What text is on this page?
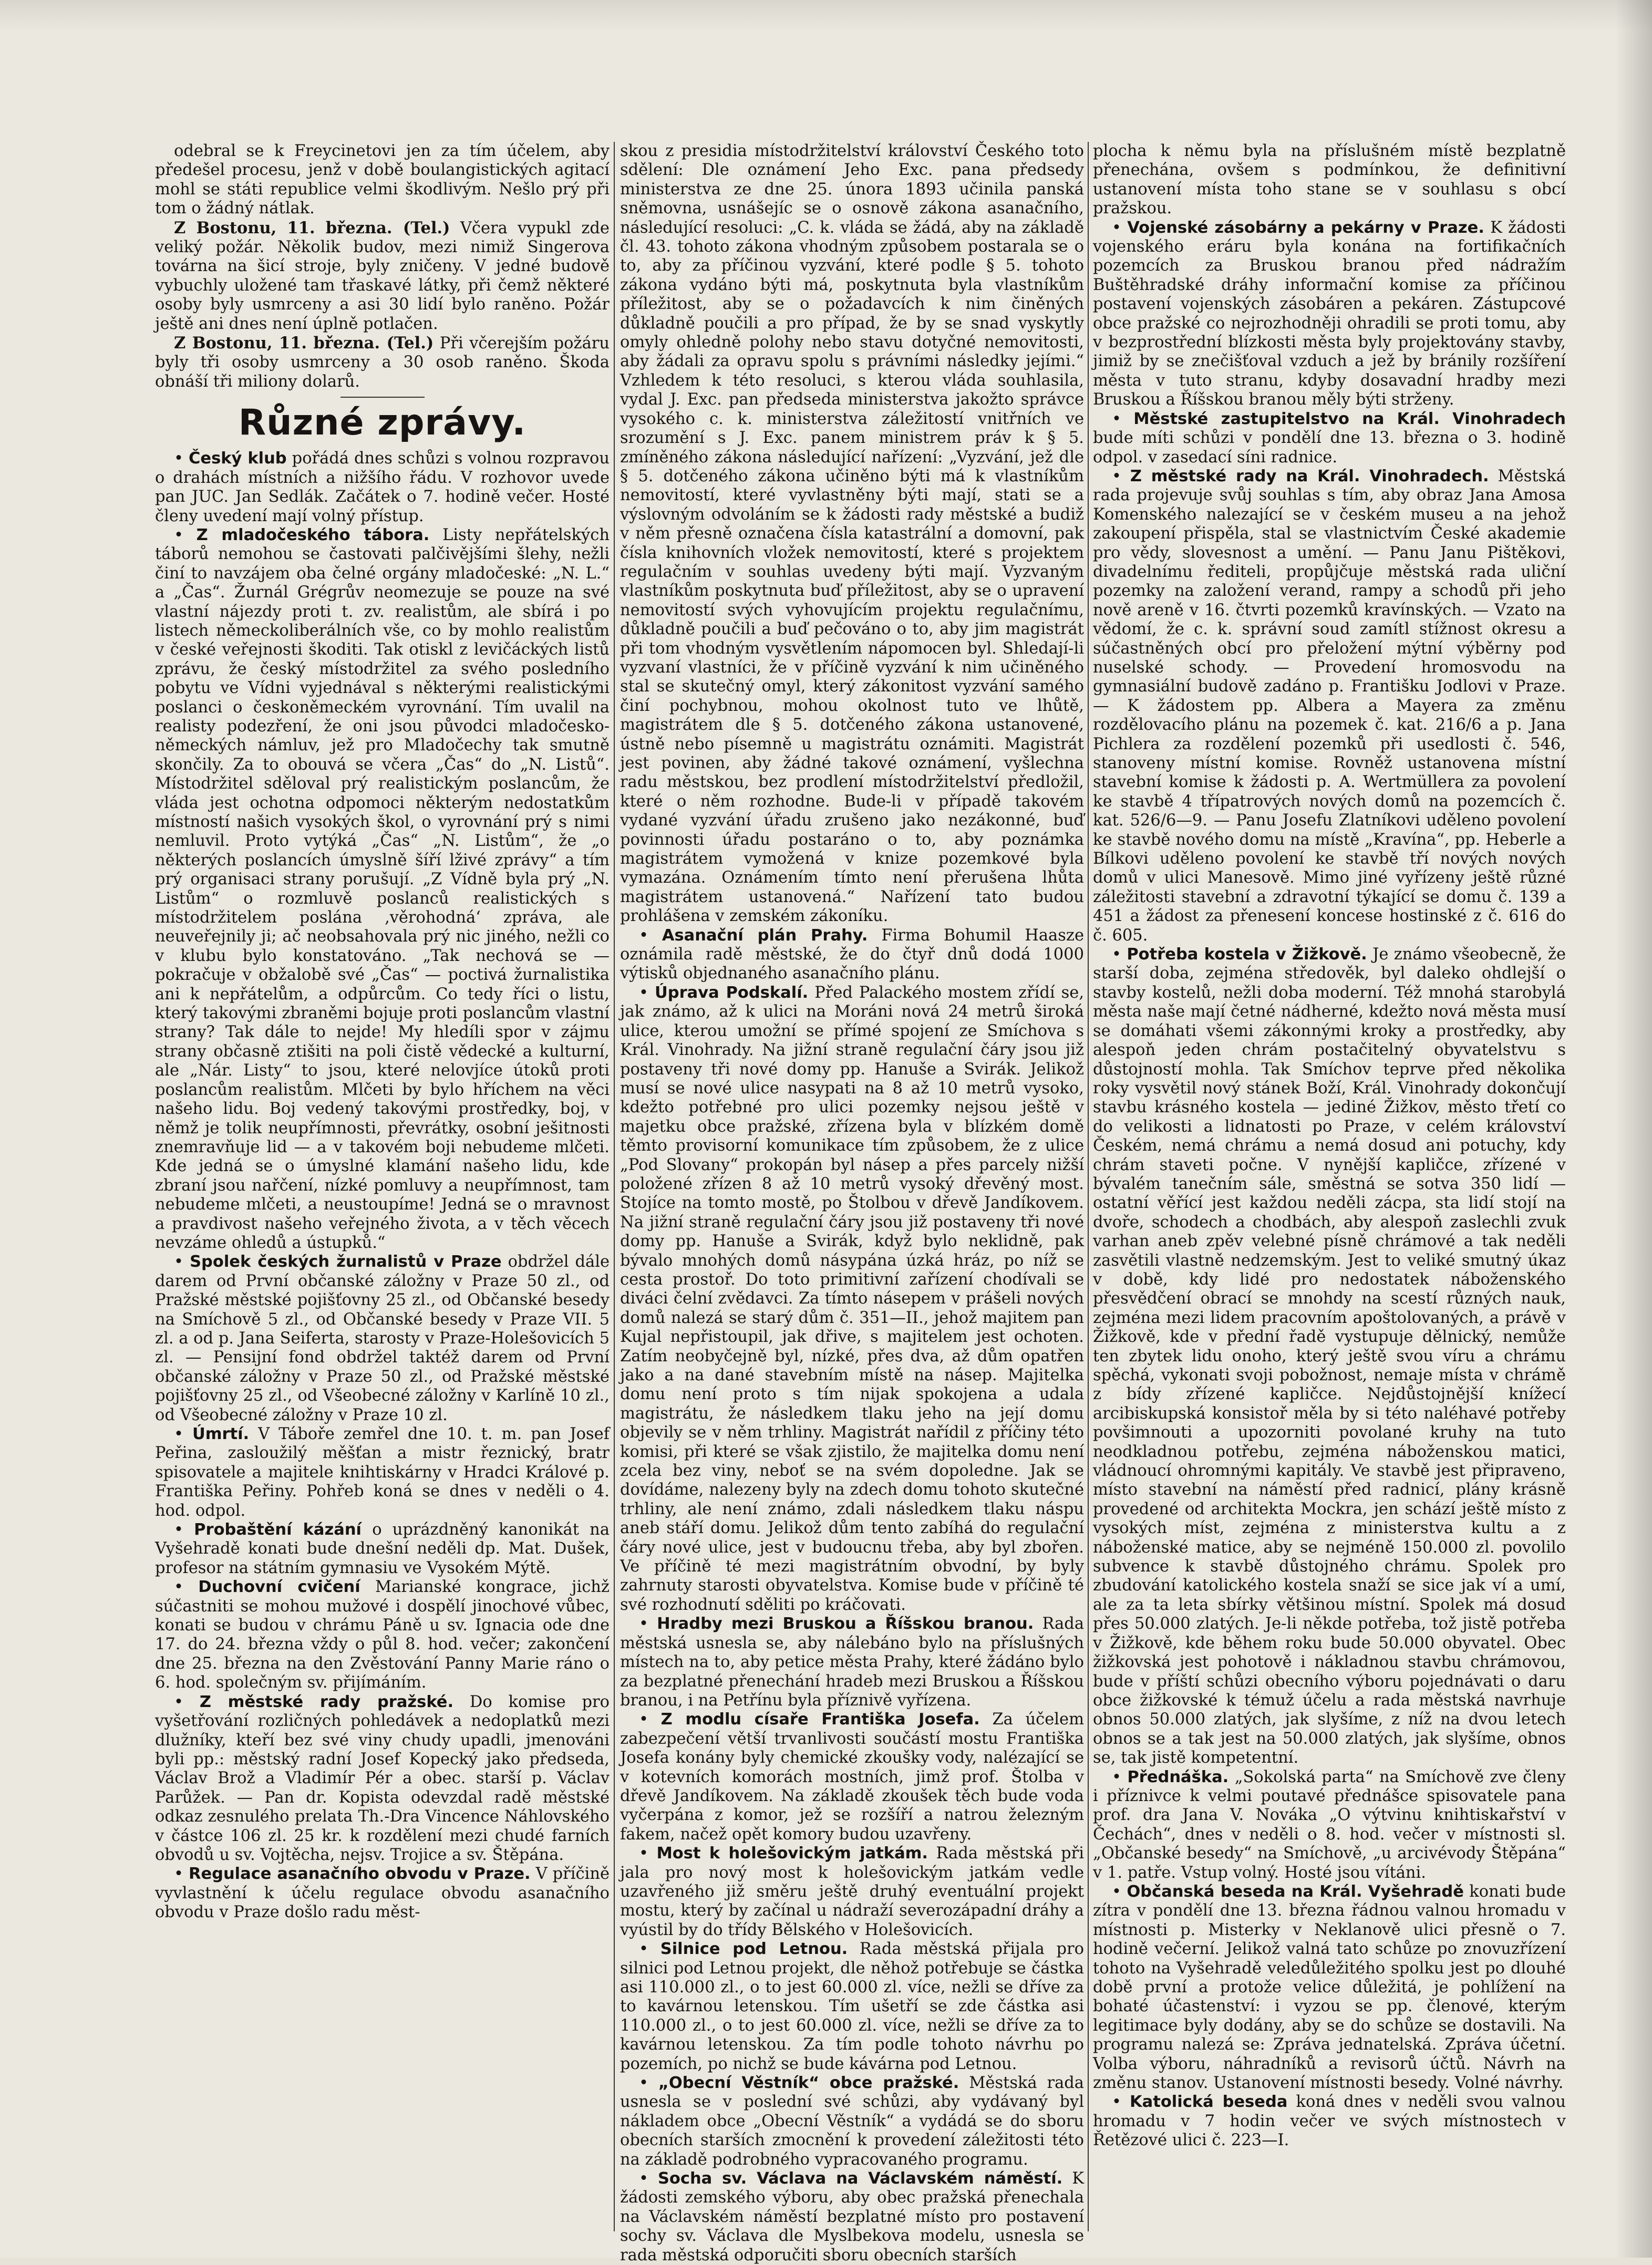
odebral se k Freycinetovi jen za tím účelem, aby předešel procesu, jenž v době boulangistických agitací mohl se státi republice velmi škodlivým. Nešlo prý při tom o žádný nátlak.

Z Bostonu, 11. března. (Tel.) Včera vypukl zde veliký požár. Několik budov, mezi nimiž Singerova továrna na šicí stroje, byly zničeny. V jedné budově vybuchly uložené tam třaskavé látky, při čemž některé osoby byly usmrceny a asi 30 lidí bylo raněno. Požár ještě ani dnes není úplně potlačen.

Z Bostonu, 11. března. (Tel.) Při včerejším požáru byly tři osoby usmrceny a 30 osob raněno. Škoda obnáší tři miliony dolarů.

Různé zprávy.

• Český klub pořádá dnes schůzi s volnou rozpravou o drahách místních a nižšího řádu. V rozhovor uvede pan JUC. Jan Sedlák. Začátek o 7. hodině večer. Hosté členy uvedení mají volný přístup.

• Z mladočeského tábora. Listy nepřátelských táborů nemohou se častovati palčivějšími šlehy, nežli činí to navzájem oba čelné orgány mladočeské: „N. L.“ a „Čas“. Žurnál Grégrův neomezuje se pouze na své vlastní nájezdy proti t. zv. realistům, ale sbírá i po listech německoliberálních vše, co by mohlo realistům v české veřejnosti škoditi. Tak otiskl z levičáckých listů zprávu, že český místodržitel za svého posledního pobytu ve Vídni vyjednával s některými realistickými poslanci o českoněmeckém vyrovnání. Tím uvalil na realisty podezření, že oni jsou původci mladočesko-německých námluv, jež pro Mladočechy tak smutně skončily. Za to obouvá se včera „Čas“ do „N. Listů“. Místodržitel sděloval prý realistickým poslancům, že vláda jest ochotna odpomoci některým nedostatkům místností našich vysokých škol, o vyrovnání prý s nimi nemluvil. Proto vytýká „Čas“ „N. Listům“, že „o některých poslancích úmyslně šíří lživé zprávy“ a tím prý organisaci strany porušují. „Z Vídně byla prý „N. Listům“ o rozmluvě poslanců realistických s místodržitelem poslána ‚věrohodná‘ zpráva, ale neuveřejnily ji; ač neobsahovala prý nic jiného, nežli co v klubu bylo konstatováno. „Tak nechová se — pokračuje v obžalobě své „Čas“ — poctivá žurnalistika ani k nepřátelům, a odpůrcům. Co tedy říci o listu, který takovými zbraněmi bojuje proti poslancům vlastní strany? Tak dále to nejde! My hledíli spor v zájmu strany občasně ztišiti na poli čistě vědecké a kulturní, ale „Nár. Listy“ to jsou, které nelovjíce útoků proti poslancům realistům. Mlčeti by bylo hříchem na věci našeho lidu. Boj vedený takovými prostředky, boj, v němž je tolik neupřímnosti, převrátky, osobní ješitnosti znemravňuje lid — a v takovém boji nebudeme mlčeti. Kde jedná se o úmyslné klamání našeho lidu, kde zbraní jsou nařčení, nízké pomluvy a neupřímnost, tam nebudeme mlčeti, a neustoupíme! Jedná se o mravnost a pravdivost našeho veřejného života, a v těch věcech nevzáme ohledů a ústupků.“

• Spolek českých žurnalistů v Praze obdržel dále darem od První občanské záložny v Praze 50 zl., od Pražské městské pojišťovny 25 zl., od Občanské besedy na Smíchově 5 zl., od Občanské besedy v Praze VII. 5 zl. a od p. Jana Seiferta, starosty v Praze-Holešovicích 5 zl. — Pensijní fond obdržel taktéž darem od První občanské záložny v Praze 50 zl., od Pražské městské pojišťovny 25 zl., od Všeobecné záložny v Karlíně 10 zl., od Všeobecné záložny v Praze 10 zl.

• Úmrtí. V Táboře zemřel dne 10. t. m. pan Josef Peřina, zasloužilý měšťan a mistr řeznický, bratr spisovatele a majitele knihtiskárny v Hradci Králové p. Františka Peřiny. Pohřeb koná se dnes v neděli o 4. hod. odpol.

• Probaštění kázání o uprázdněný kanonikát na Vyšehradě konati bude dnešní neděli dp. Mat. Dušek, profesor na státním gymnasiu ve Vysokém Mýtě.

• Duchovní cvičení Marianské kongrace, jichž súčastniti se mohou mužové i dospělí jinochové vůbec, konati se budou v chrámu Páně u sv. Ignacia ode dne 17. do 24. března vždy o půl 8. hod. večer; zakončení dne 25. března na den Zvěstování Panny Marie ráno o 6. hod. společným sv. přijímáním.

• Z městské rady pražské. Do komise pro vyšetřování rozličných pohledávek a nedoplatků mezi dlužníky, kteří bez své viny chudy upadli, jmenováni byli pp.: městský radní Josef Kopecký jako předseda, Václav Brož a Vladimír Pér a obec. starší p. Václav Parůžek. — Pan dr. Kopista odevzdal radě městské odkaz zesnulého prelata Th.-Dra Vincence Náhlovského v částce 106 zl. 25 kr. k rozdělení mezi chudé farních obvodů u sv. Vojtěcha, nejsv. Trojice a sv. Štěpána.

• Regulace asanačního obvodu v Praze. V příčině vyvlastnění k účelu regulace obvodu asanačního obvodu v Praze došlo radu měst-

skou z presidia místodržitelství království Českého toto sdělení: Dle oznámení Jeho Exc. pana předsedy ministerstva ze dne 25. února 1893 učinila panská sněmovna, usnášejíc se o osnově zákona asanačního, následující resoluci: „C. k. vláda se žádá, aby na základě čl. 43. tohoto zákona vhodným způsobem postarala se o to, aby za příčinou vyzvání, které podle § 5. tohoto zákona vydáno býti má, poskytnuta byla vlastníkům příležitost, aby se o požadavcích k nim činěných důkladně poučili a pro případ, že by se snad vyskytly omyly ohledně polohy nebo stavu dotyčné nemovitosti, aby žádali za opravu spolu s právními následky jejími.“ Vzhledem k této resoluci, s kterou vláda souhlasila, vydal J. Exc. pan předseda ministerstva jakožto správce vysokého c. k. ministerstva záležitostí vnitřních ve srozumění s J. Exc. panem ministrem práv k § 5. zmíněného zákona následující nařízení: „Vyzvání, jež dle § 5. dotčeného zákona učiněno býti má k vlastníkům nemovitostí, které vyvlastněny býti mají, stati se a výslovným odvoláním se k žádosti rady městské a budiž v něm přesně označena čísla katastrální a domovní, pak čísla knihovních vložek nemovitostí, které s projektem regulačním v souhlas uvedeny býti mají. Vyzvaným vlastníkům poskytnuta buď příležitost, aby se o upravení nemovitostí svých vyhovujícím projektu regulačnímu, důkladně poučili a buď pečováno o to, aby jim magistrát při tom vhodným vysvětlením nápomocen byl. Shledají-li vyzvaní vlastníci, že v příčině vyzvání k nim učiněného stal se skutečný omyl, který zákonitost vyzvání samého činí pochybnou, mohou okolnost tuto ve lhůtě, magistrátem dle § 5. dotčeného zákona ustanovené, ústně nebo písemně u magistrátu oznámiti. Magistrát jest povinen, aby žádné takové oznámení, vyšlechna radu městskou, bez prodlení místodržitelství předložil, které o něm rozhodne. Bude-li v případě takovém vydané vyzvání úřadu zrušeno jako nezákonné, buď povinnosti úřadu postaráno o to, aby poznámka magistrátem vymožená v knize pozemkové byla vymazána. Oznámením tímto není přerušena lhůta magistrátem ustanovená.“ Nařízení tato budou prohlášena v zemském zákoníku.

• Asanační plán Prahy. Firma Bohumil Haasze oznámila radě městské, že do čtyř dnů dodá 1000 výtisků objednaného asanačního plánu.

• Úprava Podskalí. Před Palackého mostem zřídí se, jak známo, až k ulici na Moráni nová 24 metrů široká ulice, kterou umožní se přímé spojení ze Smíchova s Král. Vinohrady. Na jižní straně regulační čáry jsou již postaveny tři nové domy pp. Hanuše a Svirák. Jelikož musí se nové ulice nasypati na 8 až 10 metrů vysoko, kdežto potřebné pro ulici pozemky nejsou ještě v majetku obce pražské, zřízena byla v blízkém domě těmto provisorní komunikace tím způsobem, že z ulice „Pod Slovany“ prokopán byl násep a přes parcely nižší položené zřízen 8 až 10 metrů vysoký dřevěný most. Stojíce na tomto mostě, po Štolbou v dřevě Jandíkovem. Na jižní straně regulační čáry jsou již postaveny tři nové domy pp. Hanuše a Svirák, když bylo neklidně, pak bývalo mnohých domů násypána úzká hráz, po níž se cesta prostoř. Do toto primitivní zařízení chodívali se diváci čelní zvědavci. Za tímto násepem v prášeli nových domů nalezá se starý dům č. 351—II., jehož majitem pan Kujal nepřistoupil, jak dřive, s majitelem jest ochoten. Zatím neobyčejně byl, nízké, přes dva, až dům opatřen jako a na dané stavebním místě na násep. Majitelka domu není proto s tím nijak spokojena a udala magistrátu, že následkem tlaku jeho na její domu objevily se v něm trhliny. Magistrát nařídil z příčiny této komisi, při které se však zjistilo, že majitelka domu není zcela bez viny, neboť se na svém dopoledne. Jak se dovídáme, nalezeny byly na zdech domu tohoto skutečné trhliny, ale není známo, zdali následkem tlaku náspu aneb stáří domu. Jelikož dům tento zabíhá do regulační čáry nové ulice, jest v budoucnu třeba, aby byl zbořen. Ve příčině té mezi magistrátním obvodní, by byly zahrnuty starosti obyvatelstva. Komise bude v příčině té své rozhodnutí sděliti po kráčovati.

• Hradby mezi Bruskou a Říšskou branou. Rada městská usnesla se, aby nálebáno bylo na příslušných místech na to, aby petice města Prahy, které žádáno bylo za bezplatné přenechání hradeb mezi Bruskou a Říšskou branou, i na Petřínu byla příznivě vyřízena.

• Z modlu císaře Františka Josefa. Za účelem zabezpečení větší trvanlivosti součástí mostu Františka Josefa konány byly chemické zkoušky vody, nalézající se v kotevních komorách mostních, jimž prof. Štolba v dřevě Jandíkovem. Na základě zkoušek těch bude voda vyčerpána z komor, jež se rozšíří a natrou železným fakem, načež opět komory budou uzavřeny.

• Most k holešovickým jatkám. Rada městská při jala pro nový most k holešovickým jatkám vedle uzavřeného již směru ještě druhý eventuální projekt mostu, který by začínal u nádraží severozápadní dráhy a vyústil by do třídy Bělského v Holešovicích.

• Silnice pod Letnou. Rada městská přijala pro silnici pod Letnou projekt, dle něhož potřebuje se částka asi 110.000 zl., o to jest 60.000 zl. více, nežli se dříve za to kavárnou letenskou. Tím ušetří se zde částka asi 110.000 zl., o to jest 60.000 zl. více, nežli se dříve za to kavárnou letenskou. Za tím podle tohoto návrhu po pozemích, po nichž se bude kávárna pod Letnou.

• „Obecní Věstník“ obce pražské. Městská rada usnesla se v poslední své schůzi, aby vydávaný byl nákladem obce „Obecní Věstník“ a vydádá se do sboru obecních starších zmocnění k provedení záležitosti této na základě podrobného vypracovaného programu.

• Socha sv. Václava na Václavském náměstí. K žádosti zemského výboru, aby obec pražská přenechala na Václavském náměstí bezplatné místo pro postavení sochy sv. Václava dle Myslbekova modelu, usnesla se rada městská odporučiti sboru obecních starších

plocha k němu byla na příslušném místě bezplatně přenechána, ovšem s podmínkou, že definitivní ustanovení místa toho stane se v souhlasu s obcí pražskou.

• Vojenské zásobárny a pekárny v Praze. K žádosti vojenského eráru byla konána na fortifikačních pozemcích za Bruskou branou před nádražím Buštěhradské dráhy informační komise za příčinou postavení vojenských zásobáren a pekáren. Zástupcové obce pražské co nejrozhodněji ohradili se proti tomu, aby v bezprostřední blízkosti města byly projektovány stavby, jimiž by se znečišťoval vzduch a jež by bránily rozšíření města v tuto stranu, kdyby dosavadní hradby mezi Bruskou a Říšskou branou měly býti strženy.

• Městské zastupitelstvo na Král. Vinohradech bude míti schůzi v pondělí dne 13. března o 3. hodině odpol. v zasedací síni radnice.

• Z městské rady na Král. Vinohradech. Městská rada projevuje svůj souhlas s tím, aby obraz Jana Amosa Komenského nalezající se v českém museu a na jehož zakoupení přispěla, stal se vlastnictvím České akademie pro vědy, slovesnost a umění. — Panu Janu Pištěkovi, divadelnímu řediteli, propůjčuje městská rada uliční pozemky na založení verand, rampy a schodů při jeho nově areně v 16. čtvrti pozemků kravínských. — Vzato na vědomí, že c. k. správní soud zamítl stížnost okresu a súčastněných obcí pro přeložení mýtní výběrny pod nuselské schody. — Provedení hromosvodu na gymnasiální budově zadáno p. Františku Jodlovi v Praze. — K žádostem pp. Albera a Mayera za změnu rozdělovacího plánu na pozemek č. kat. 216/6 a p. Jana Pichlera za rozdělení pozemků při usedlosti č. 546, stanoveny místní komise. Rovněž ustanovena místní stavební komise k žádosti p. A. Wertmüllera za povolení ke stavbě 4 třípatrových nových domů na pozemcích č. kat. 526/6—9. — Panu Josefu Zlatníkovi uděleno povolení ke stavbě nového domu na místě „Kravína“, pp. Heberle a Bílkovi uděleno povolení ke stavbě tří nových nových domů v ulici Manesově. Mimo jiné vyřízeny ještě různé záležitosti stavební a zdravotní týkající se domu č. 139 a 451 a žádost za přenesení koncese hostinské z č. 616 do č. 605.

• Potřeba kostela v Žižkově. Je známo všeobecně, že starší doba, zejména středověk, byl daleko ohdlejší o stavby kostelů, nežli doba moderní. Též mnohá starobylá města naše mají četné nádherné, kdežto nová města musí se domáhati všemi zákonnými kroky a prostředky, aby alespoň jeden chrám postačitelný obyvatelstvu s důstojností mohla. Tak Smíchov teprve před několika roky vysvětil nový stánek Boží, Král. Vinohrady dokončují stavbu krásného kostela — jediné Žižkov, město třetí co do velikosti a lidnatosti po Praze, v celém království Českém, nemá chrámu a nemá dosud ani potuchy, kdy chrám staveti počne. V nynější kapličce, zřízené v bývalém tanečním sále, směstná se sotva 350 lidí — ostatní věřící jest každou neděli zácpa, sta lidí stojí na dvoře, schodech a chodbách, aby alespoň zaslechli zvuk varhan aneb zpěv velebné písně chrámové a tak neděli zasvětili vlastně nedzemským. Jest to veliké smutný úkaz v době, kdy lidé pro nedostatek náboženského přesvědčení obrací se mnohdy na scestí různých nauk, zejména mezi lidem pracovním apoštolovaných, a právě v Žižkově, kde v přední řadě vystupuje dělnický, nemůže ten zbytek lidu onoho, který ještě svou víru a chrámu spěchá, vykonati svoji pobožnost, nemaje místa v chrámě z bídy zřízené kapličce. Nejdůstojnější knížecí arcibiskupská konsistoř měla by si této naléhavé potřeby povšimnouti a upozorniti povolané kruhy na tuto neodkladnou potřebu, zejména náboženskou matici, vládnoucí ohromnými kapitály. Ve stavbě jest připraveno, místo stavební na náměstí před radnicí, plány krásně provedené od architekta Mockra, jen schází ještě místo z vysokých míst, zejména z ministerstva kultu a z náboženské matice, aby se nejméně 150.000 zl. povolilo subvence k stavbě důstojného chrámu. Spolek pro zbudování katolického kostela snaží se sice jak ví a umí, ale za ta leta sbírky většinou místní. Spolek má dosud přes 50.000 zlatých. Je-li někde potřeba, tož jistě potřeba v Žižkově, kde během roku bude 50.000 obyvatel. Obec žižkovská jest pohotově i nákladnou stavbu chrámovou, bude v příští schůzi obecního výboru pojednávati o daru obce žižkovské k témuž účelu a rada městská navrhuje obnos 50.000 zlatých, jak slyšíme, z níž na dvou letech obnos se a tak jest na 50.000 zlatých, jak slyšíme, obnos se, tak jistě kompetentní.

• Přednáška. „Sokolská parta“ na Smíchově zve členy i příznivce k velmi poutavé přednášce spisovatele pana prof. dra Jana V. Nováka „O výtvinu knihtiskařství v Čechách“, dnes v neděli o 8. hod. večer v místnosti sl. „Občanské besedy“ na Smíchově, „u arcivévody Štěpána“ v 1. patře. Vstup volný. Hosté jsou vítáni.

• Občanská beseda na Král. Vyšehradě konati bude zítra v pondělí dne 13. března řádnou valnou hromadu v místnosti p. Misterky v Neklanově ulici přesně o 7. hodině večerní. Jelikož valná tato schůze po znovuzřízení tohoto na Vyšehradě veledůležitého spolku jest po dlouhé době první a protože velice důležitá, je pohlížení na bohaté účastenství: i vyzou se pp. členové, kterým legitimace byly dodány, aby se do schůze se dostavili. Na programu nalezá se: Zpráva jednatelská. Zpráva účetní. Volba výboru, náhradníků a revisorů účtů. Návrh na změnu stanov. Ustanovení místnosti besedy. Volné návrhy.

• Katolická beseda koná dnes v neděli svou valnou hromadu v 7 hodin večer ve svých místnostech v Řetězové ulici č. 223—I.
